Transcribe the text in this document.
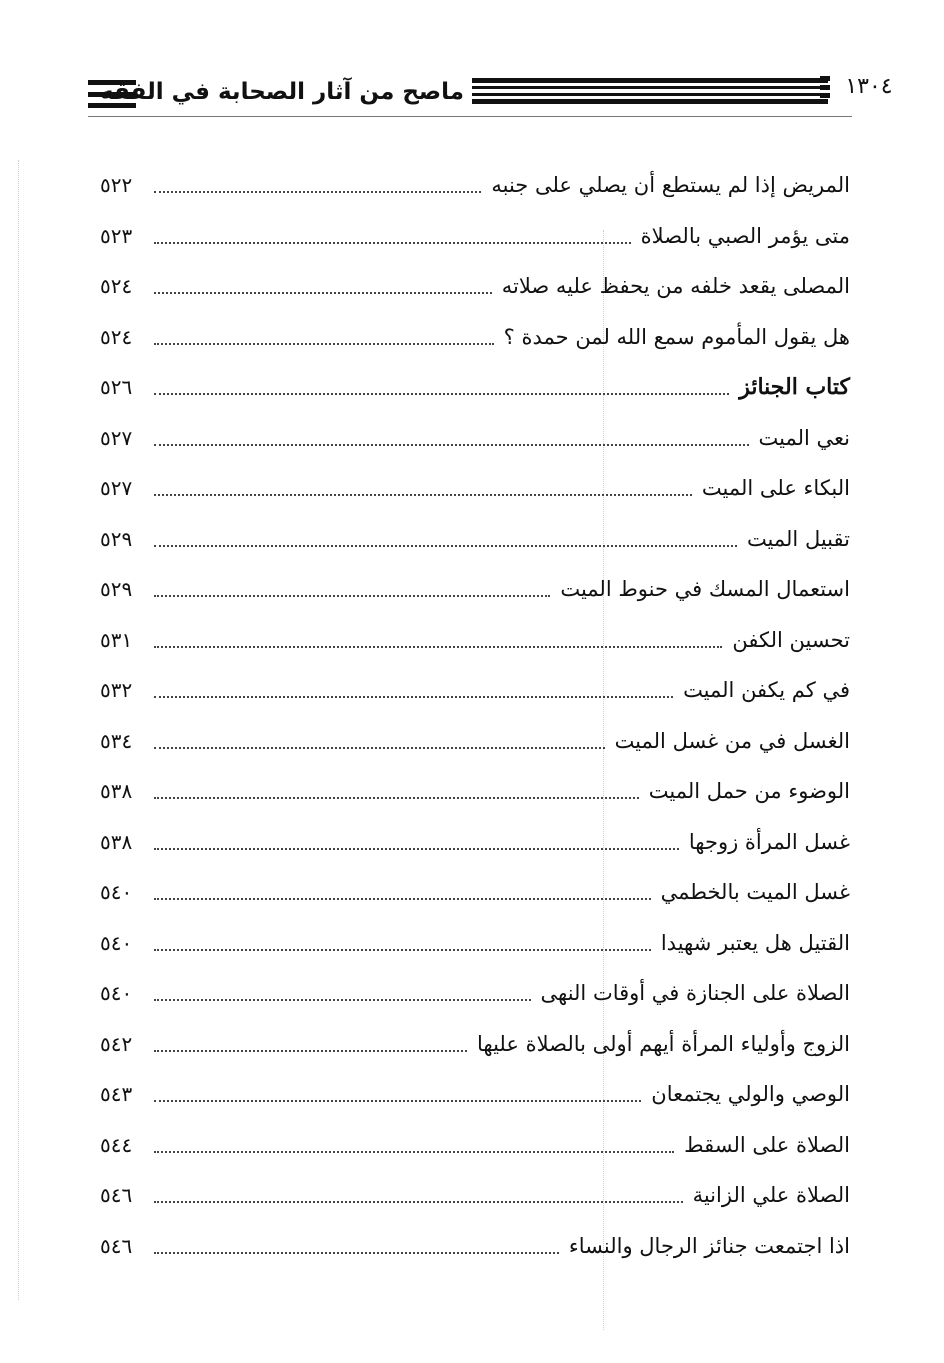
ماصح من آثار الصحابة في الفقه	١٣٠٤
المريض إذا لم يستطع أن يصلي على جنبه
٥٢٢
متى يؤمر الصبي بالصلاة
٥٢٣
المصلى يقعد خلفه من يحفظ عليه صلاته
٥٢٤
هل يقول المأموم سمع الله لمن حمدة ؟
٥٢٤
كتاب الجنائز
٥٢٦
نعي الميت
٥٢٧
البكاء على الميت
٥٢٧
تقبيل الميت
٥٢٩
استعمال المسك في حنوط الميت
٥٢٩
تحسين الكفن
٥٣١
في كم يكفن الميت
٥٣٢
الغسل في من غسل الميت
٥٣٤
الوضوء من حمل الميت
٥٣٨
غسل المرأة زوجها
٥٣٨
غسل الميت بالخطمي
٥٤٠
القتيل هل يعتبر شهيدا
٥٤٠
الصلاة على الجنازة في أوقات النهى
٥٤٠
الزوج وأولياء المرأة أيهم أولى بالصلاة عليها
٥٤٢
الوصي والولي يجتمعان
٥٤٣
الصلاة على السقط
٥٤٤
الصلاة علي الزانية
٥٤٦
اذا اجتمعت جنائز الرجال والنساء
٥٤٦
